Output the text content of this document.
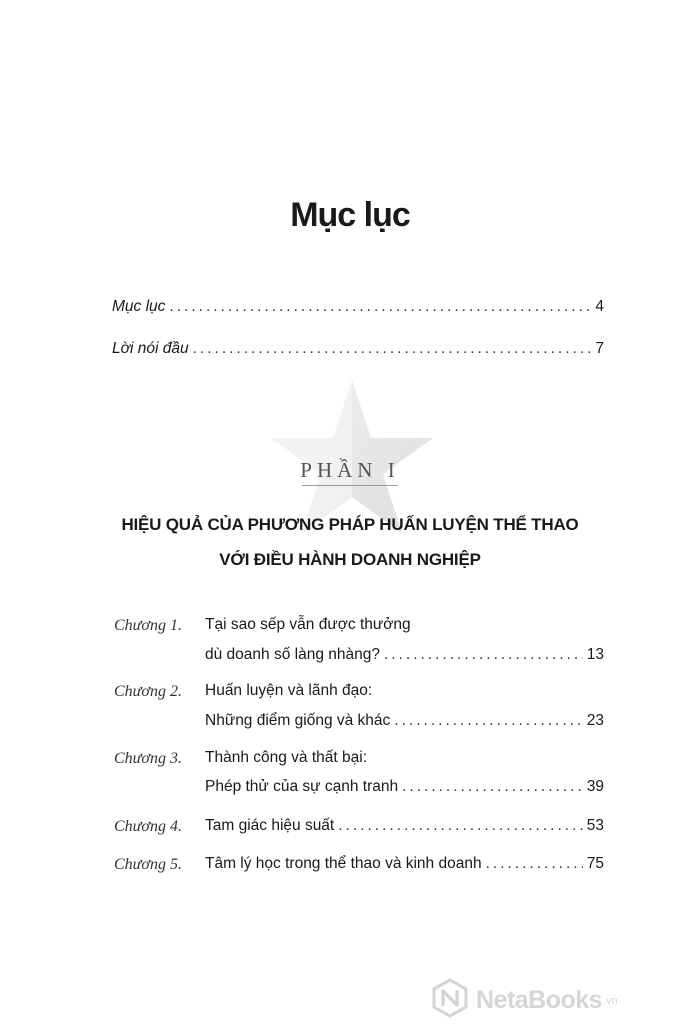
Mục lục
Mục lục .....	4
Lời nói đầu .....	7
PHẦN I
HIỆU QUẢ CỦA PHƯƠNG PHÁP HUẤN LUYỆN THỂ THAO
VỚI ĐIỀU HÀNH DOANH NGHIỆP
Chương 1. Tại sao sếp vẫn được thưởng
dù doanh số làng nhàng? .....	13
Chương 2. Huấn luyện và lãnh đạo:
Những điểm giống và khác .....	23
Chương 3. Thành công và thất bại:
Phép thử của sự cạnh tranh .....	39
Chương 4. Tam giác hiệu suất .....	53
Chương 5. Tâm lý học trong thể thao và kinh doanh .....	75
NetaBooks .vn
